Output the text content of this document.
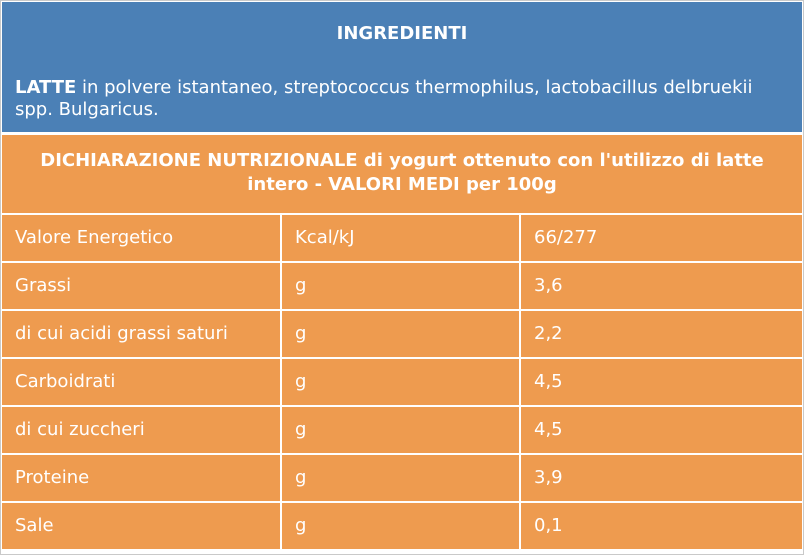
INGREDIENTI
LATTE in polvere istantaneo, streptococcus thermophilus, lactobacillus delbruekii spp. Bulgaricus.
DICHIARAZIONE NUTRIZIONALE di yogurt ottenuto con l'utilizzo di latte intero - VALORI MEDI per 100g
Valore Energetico	Kcal/kJ	66/277
Grassi	g	3,6
di cui acidi grassi saturi	g	2,2
Carboidrati	g	4,5
di cui zuccheri	g	4,5
Proteine	g	3,9
Sale	g	0,1
